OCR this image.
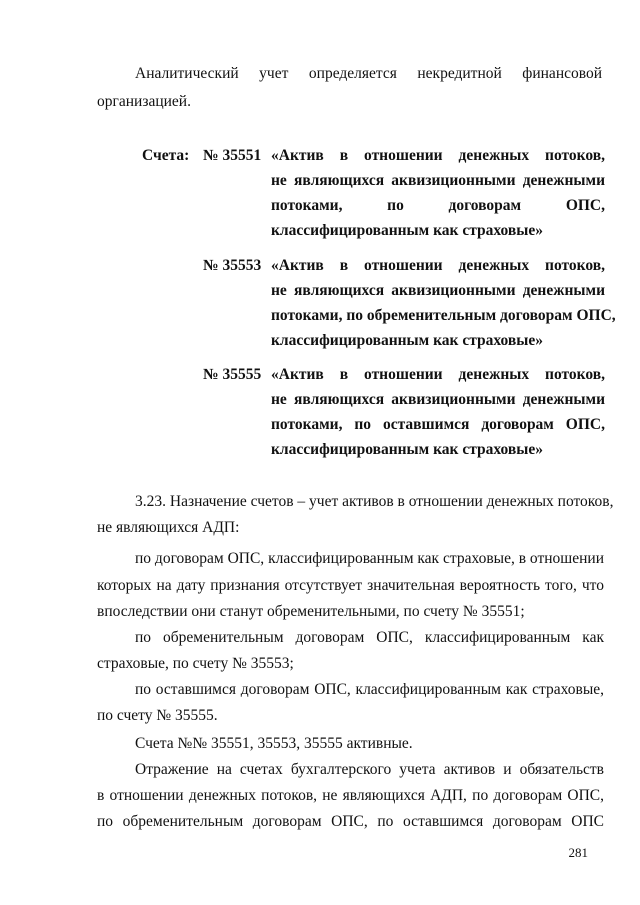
Аналитический учет определяется некредитной финансовой
организацией.
Счета: № 35551 «Актив в отношении денежных потоков,
не являющихся аквизиционными денежными
потоками, по договорам ОПС,
классифицированным как страховые»
№ 35553 «Актив в отношении денежных потоков,
не являющихся аквизиционными денежными
потоками, по обременительным договорам ОПС,
классифицированным как страховые»
№ 35555 «Актив в отношении денежных потоков,
не являющихся аквизиционными денежными
потоками, по оставшимся договорам ОПС,
классифицированным как страховые»
3.23. Назначение счетов – учет активов в отношении денежных потоков,
не являющихся АДП:
по договорам ОПС, классифицированным как страховые, в отношении
которых на дату признания отсутствует значительная вероятность того, что
впоследствии они станут обременительными, по счету № 35551;
по обременительным договорам ОПС, классифицированным как
страховые, по счету № 35553;
по оставшимся договорам ОПС, классифицированным как страховые,
по счету № 35555.
Счета №№ 35551, 35553, 35555 активные.
Отражение на счетах бухгалтерского учета активов и обязательств
в отношении денежных потоков, не являющихся АДП, по договорам ОПС,
по обременительным договорам ОПС, по оставшимся договорам ОПС
281
